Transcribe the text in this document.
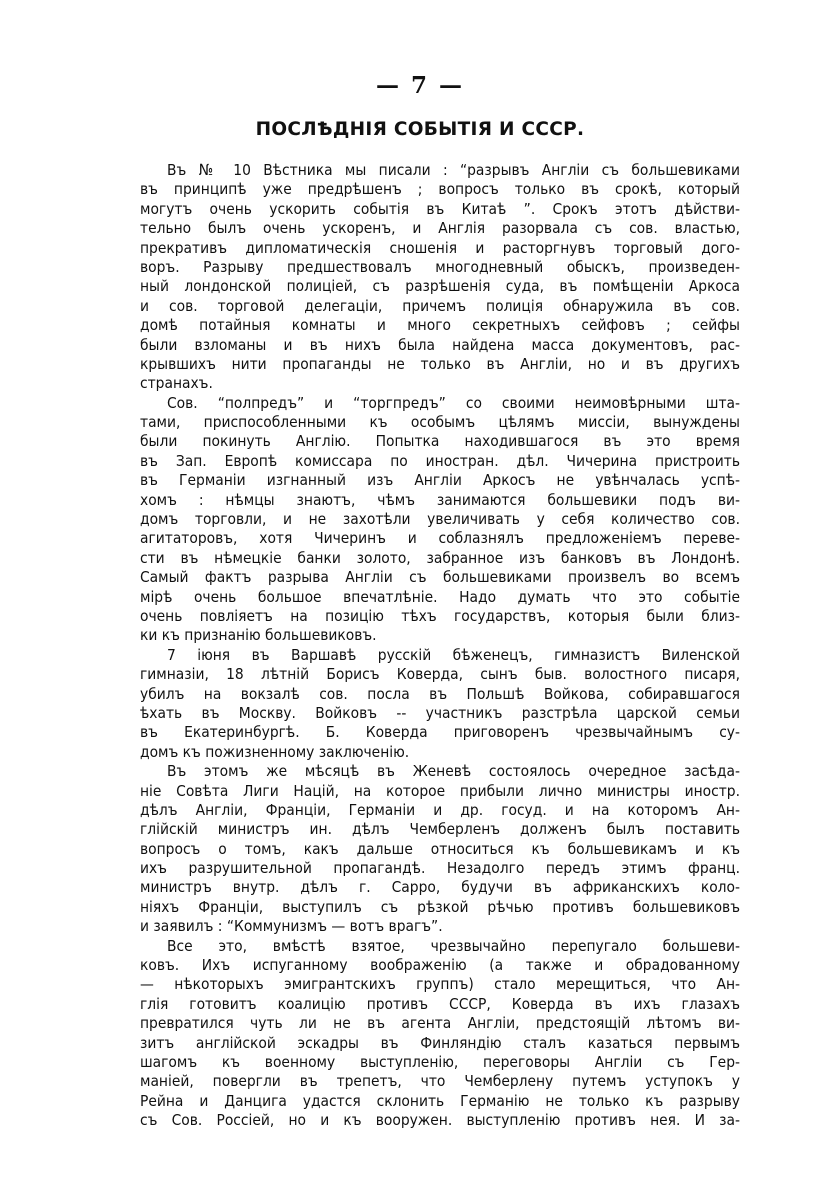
— 7 —
ПОСЛѢДНІЯ СОБЫТІЯ И СССР.
Въ № 10 Вѣстника мы писали : “разрывъ Англіи съ большевиками
въ принципѣ уже предрѣшенъ ; вопросъ только въ срокѣ, который
могутъ очень ускорить событія въ Китаѣ ”. Срокъ этотъ дѣйстви-
тельно былъ очень ускоренъ, и Англія разорвала съ сов. властью,
прекративъ дипломатическія сношенія и расторгнувъ торговый дого-
воръ. Разрыву предшествовалъ многодневный обыскъ, произведен-
ный лондонской полиціей, съ разрѣшенія суда, въ помѣщеніи Аркоса
и сов. торговой делегаціи, причемъ полиція обнаружила въ сов.
домѣ потайныя комнаты и много секретныхъ сейфовъ ; сейфы
были взломаны и въ нихъ была найдена масса документовъ, рас-
крывшихъ нити пропаганды не только въ Англіи, но и въ другихъ
странахъ.
Сов. “полпредъ” и “торгпредъ” со своими неимовѣрными шта-
тами, приспособленными къ особымъ цѣлямъ миссіи, вынуждены
были покинуть Англію. Попытка находившагося въ это время
въ Зап. Европѣ комиссара по иностран. дѣл. Чичерина пристроить
въ Германіи изгнанный изъ Англіи Аркосъ не увѣнчалась успѣ-
хомъ : нѣмцы знаютъ, чѣмъ занимаются большевики подъ ви-
домъ торговли, и не захотѣли увеличивать у себя количество сов.
агитаторовъ, хотя Чичеринъ и соблазнялъ предложеніемъ переве-
сти въ нѣмецкіе банки золото, забранное изъ банковъ въ Лондонѣ.
Самый фактъ разрыва Англіи съ большевиками произвелъ во всемъ
мірѣ очень большое впечатлѣніе. Надо думать что это событіе
очень повліяетъ на позицію тѣхъ государствъ, которыя были близ-
ки къ признанію большевиковъ.
7 іюня въ Варшавѣ русскій бѣженецъ, гимназистъ Виленской
гимназіи, 18 лѣтній Борисъ Коверда, сынъ быв. волостного писаря,
убилъ на вокзалѣ сов. посла въ Польшѣ Войкова, собиравшагося
ѣхать въ Москву. Войковъ -- участникъ разстрѣла царской семьи
въ Екатеринбургѣ. Б. Коверда приговоренъ чрезвычайнымъ су-
домъ къ пожизненному заключенію.
Въ этомъ же мѣсяцѣ въ Женевѣ состоялось очередное засѣда-
ніе Совѣта Лиги Націй, на которое прибыли лично министры иностр.
дѣлъ Англіи, Франціи, Германіи и др. госуд. и на которомъ Ан-
глійскій министръ ин. дѣлъ Чемберленъ долженъ былъ поставить
вопросъ о томъ, какъ дальше относиться къ большевикамъ и къ
ихъ разрушительной пропагандѣ. Незадолго передъ этимъ франц.
министръ внутр. дѣлъ г. Сарро, будучи въ африканскихъ коло-
ніяхъ Франціи, выступилъ съ рѣзкой рѣчью противъ большевиковъ
и заявилъ : “Коммунизмъ — вотъ врагъ”.
Все это, вмѣстѣ взятое, чрезвычайно перепугало большеви-
ковъ. Ихъ испуганному воображенію (а также и обрадованному
— нѣкоторыхъ эмигрантскихъ группъ) стало мерещиться, что Ан-
глія готовитъ коалицію противъ СССР, Коверда въ ихъ глазахъ
превратился чуть ли не въ агента Англіи, предстоящій лѣтомъ ви-
зитъ англійской эскадры въ Финляндію сталъ казаться первымъ
шагомъ къ военному выступленію, переговоры Англіи съ Гер-
маніей, повергли въ трепетъ, что Чемберлену путемъ уступокъ у
Рейна и Данцига удастся склонить Германію не только къ разрыву
съ Сов. Россіей, но и къ вооружен. выступленію противъ нея. И за-
